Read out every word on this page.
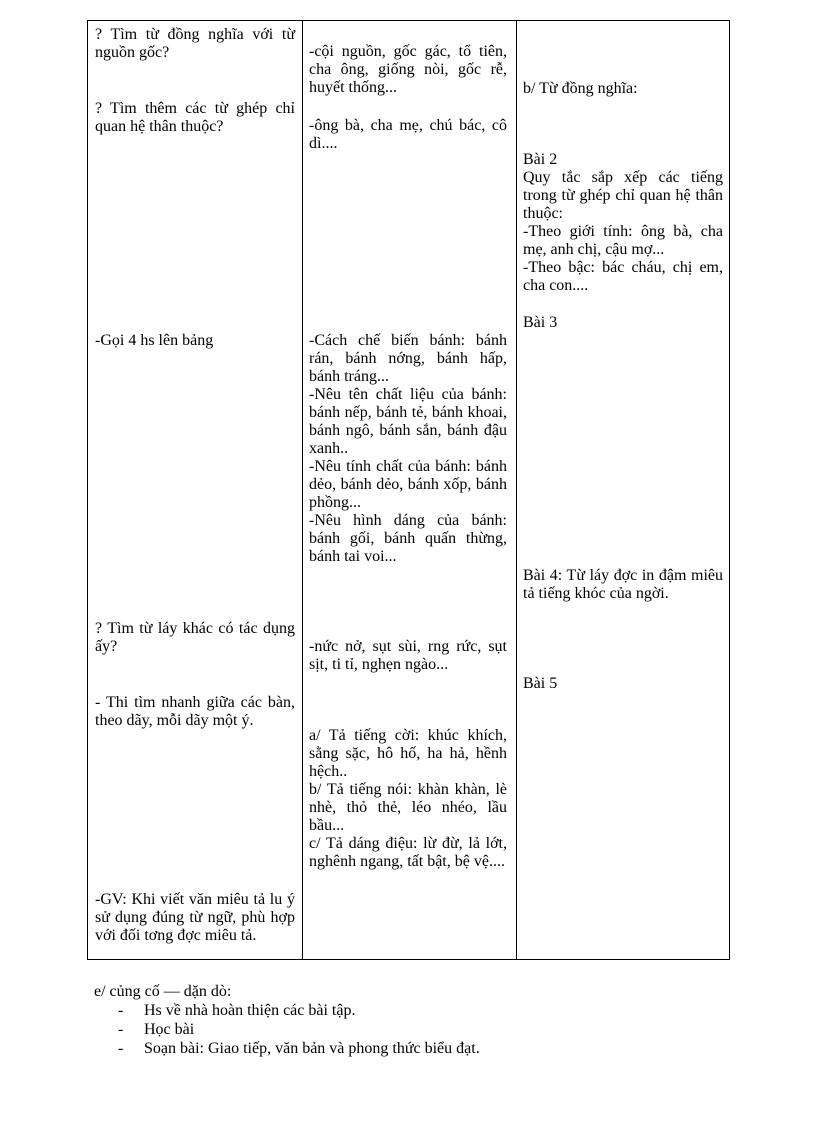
? Tìm từ đồng nghĩa với từ nguồn gốc?
? Tìm thêm các từ ghép chỉ quan hệ thân thuộc?
-Gọi 4 hs lên bảng
? Tìm từ láy khác có tác dụng ấy?
- Thi tìm nhanh giữa các bàn, theo dãy, mỗi dãy một ý.
-GV: Khi viết văn miêu tả lu ý sử dụng đúng từ ngữ, phù hợp với đối tơng đợc miêu tả.
-cội nguồn, gốc gác, tổ tiên, cha ông, giống nòi, gốc rễ, huyết thống...
-ông bà, cha mẹ, chú bác, cô dì....
-Cách chế biến bánh: bánh rán, bánh nớng, bánh hấp, bánh tráng...
-Nêu tên chất liệu của bánh: bánh nếp, bánh tẻ, bánh khoai, bánh ngô, bánh sắn, bánh đậu xanh..
-Nêu tính chất của bánh: bánh dẻo, bánh dẻo, bánh xốp, bánh phồng...
-Nêu hình dáng của bánh: bánh gối, bánh quấn thừng, bánh tai voi...
-nức nở, sụt sùi, rng rức, sụt sịt, ti tỉ, nghẹn ngào...
a/ Tả tiếng cời: khúc khích, sằng sặc, hô hố, ha hả, hềnh hệch..
b/ Tả tiếng nói: khàn khàn, lè nhè, thỏ thẻ, léo nhéo, lầu bầu...
c/ Tả dáng điệu: lừ đừ, lả lớt, nghênh ngang, tất bật, bệ vệ....
b/ Từ đồng nghĩa:
Bài 2
Quy tắc sắp xếp các tiếng trong từ ghép chỉ quan hệ thân thuộc:
-Theo giới tính: ông bà, cha mẹ, anh chị, cậu mợ...
-Theo bậc: bác cháu, chị em, cha con....
Bài 3
Bài 4: Từ láy đợc in đậm miêu tả tiếng khóc của ngời.
Bài 5
e/ củng cố — dặn dò:
- Hs về nhà hoàn thiện các bài tập.
- Học bài
- Soạn bài: Giao tiếp, văn bản và phong thức biểu đạt.
